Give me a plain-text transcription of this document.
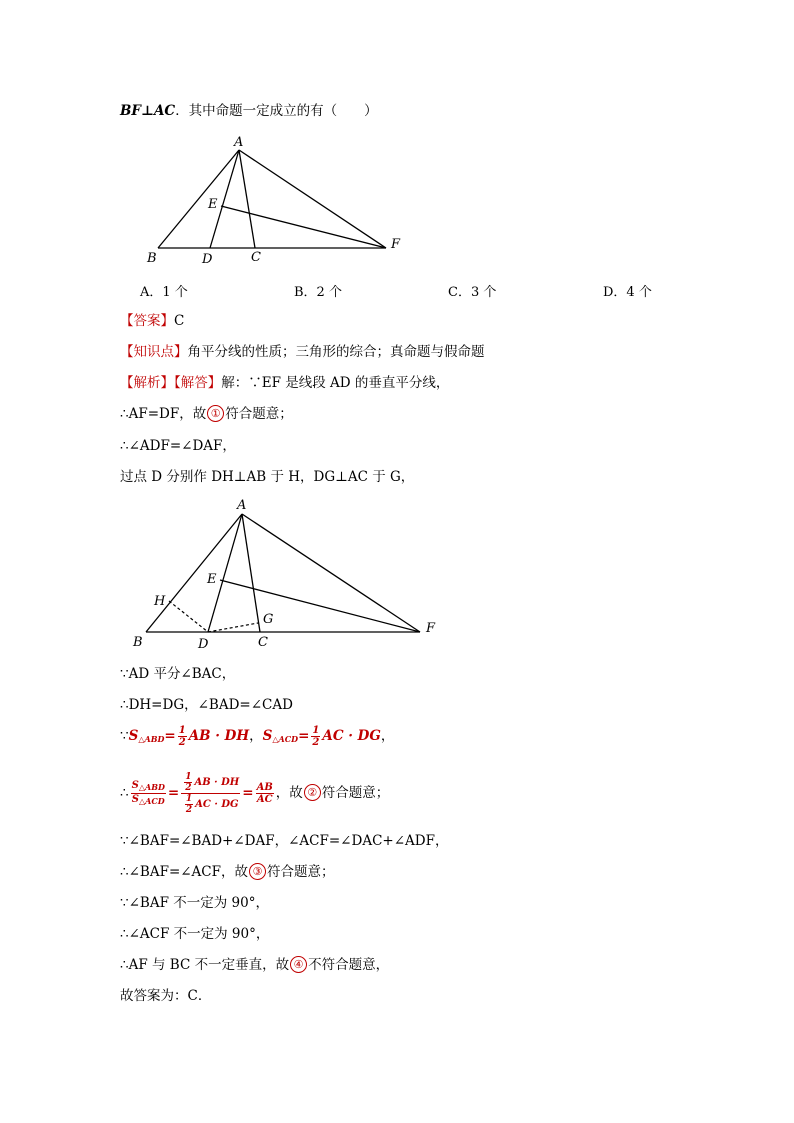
BF⊥AC．其中命题一定成立的有（　　）
A
B	D	C
E
F
A．1 个	B．2 个	C．3 个	D．4 个
【答案】C
【知识点】角平分线的性质；三角形的综合；真命题与假命题
【解析】【解答】解：∵EF 是线段 AD 的垂直平分线，
∴AF=DF，故 ① 符合题意；
∴∠ADF=∠DAF，
过点 D 分别作 DH⊥AB 于 H，DG⊥AC 于 G，
A
B	D	C
E
F
G
H
∵AD 平分∠BAC，
∴DH=DG，∠BAD=∠CAD
$\because S_{\triangle ABD}= \frac{1}{2}$ AB · DH，$S_{\triangle ACD}= \frac{1}{2}$ AC · DG，
∴ $\frac{S_{\triangle ABD}}{S_{\triangle ACD}} = \frac{\frac{1}{2} AB \cdot DH}{\frac{1}{2} AC \cdot DG} = \frac{AB}{AC}$ ，故 ② 符合题意；
∵∠BAF=∠BAD+∠DAF，∠ACF=∠DAC+∠ADF，
∴∠BAF=∠ACF，故 ③ 符合题意；
∵∠BAF 不一定为 90°，
∴∠ACF 不一定为 90°，
∴AF 与 BC 不一定垂直，故 ④ 不符合题意，
故答案为：C．
